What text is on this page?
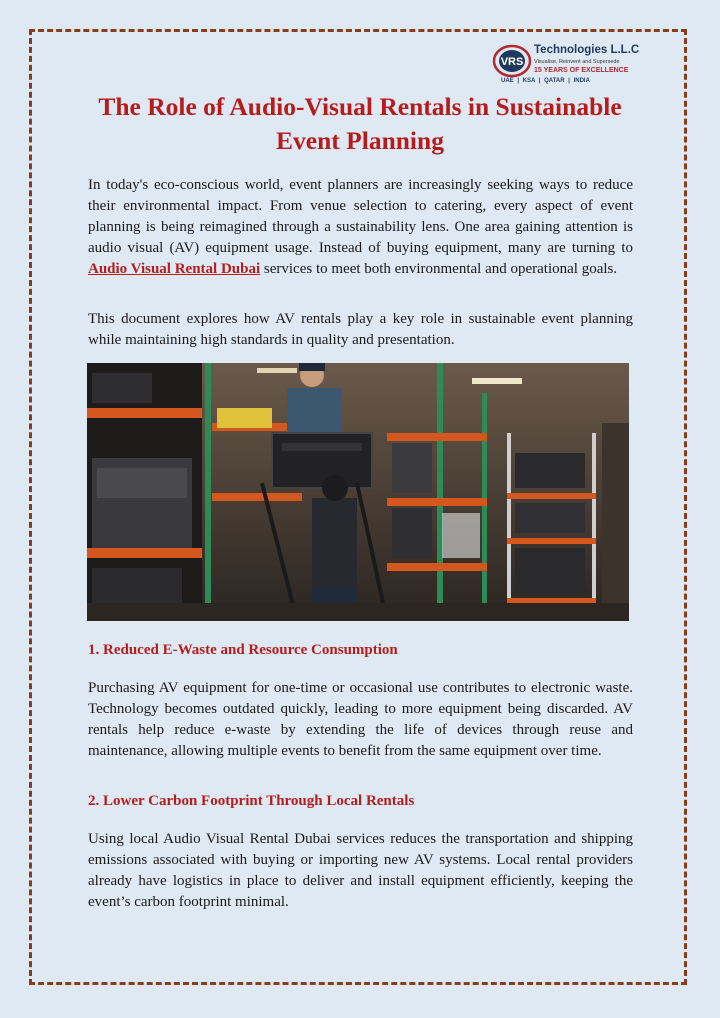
VRS
Technologies L.L.C
Visualise, Reinvent and Supersede
15 YEARS OF EXCELLENCE
UAE | KSA | QATAR | INDIA
The Role of Audio-Visual Rentals in Sustainable Event Planning

In today's eco-conscious world, event planners are increasingly seeking ways to reduce their environmental impact. From venue selection to catering, every aspect of event planning is being reimagined through a sustainability lens. One area gaining attention is audio visual (AV) equipment usage. Instead of buying equipment, many are turning to Audio Visual Rental Dubai services to meet both environmental and operational goals.

This document explores how AV rentals play a key role in sustainable event planning while maintaining high standards in quality and presentation.

1. Reduced E-Waste and Resource Consumption

Purchasing AV equipment for one-time or occasional use contributes to electronic waste. Technology becomes outdated quickly, leading to more equipment being discarded. AV rentals help reduce e-waste by extending the life of devices through reuse and maintenance, allowing multiple events to benefit from the same equipment over time.

2. Lower Carbon Footprint Through Local Rentals

Using local Audio Visual Rental Dubai services reduces the transportation and shipping emissions associated with buying or importing new AV systems. Local rental providers already have logistics in place to deliver and install equipment efficiently, keeping the event’s carbon footprint minimal.
